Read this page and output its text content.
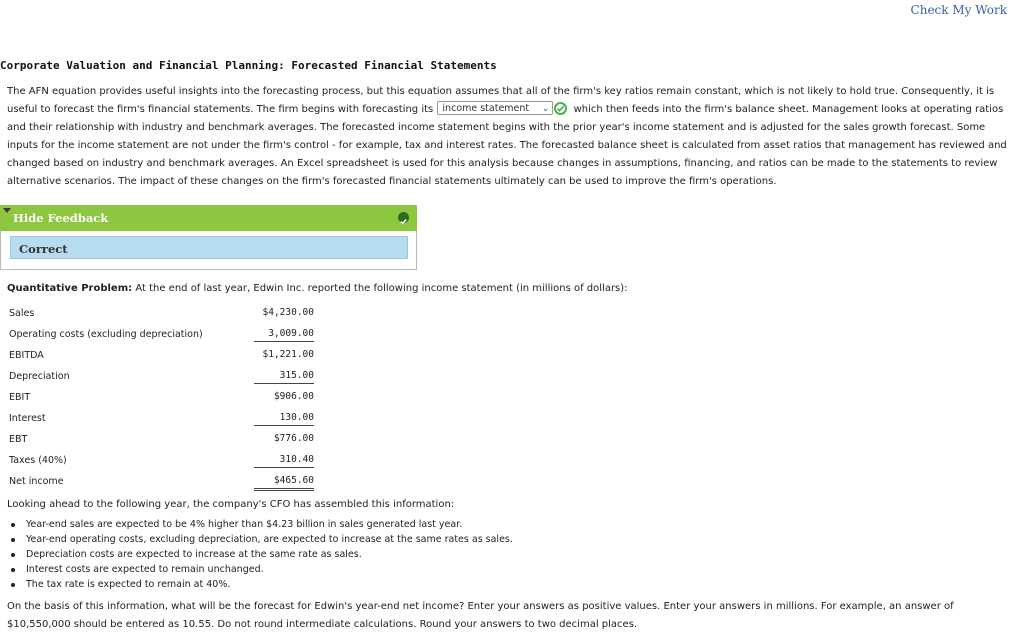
Check My Work
Corporate Valuation and Financial Planning: Forecasted Financial Statements
The AFN equation provides useful insights into the forecasting process, but this equation assumes that all of the firm's key ratios remain constant, which is not likely to hold true. Consequently, it is useful to forecast the firm's financial statements. The firm begins with forecasting its income statement ⌄ which then feeds into the firm's balance sheet. Management looks at operating ratios and their relationship with industry and benchmark averages. The forecasted income statement begins with the prior year's income statement and is adjusted for the sales growth forecast. Some inputs for the income statement are not under the firm's control - for example, tax and interest rates. The forecasted balance sheet is calculated from asset ratios that management has reviewed and changed based on industry and benchmark averages. An Excel spreadsheet is used for this analysis because changes in assumptions, financing, and ratios can be made to the statements to review alternative scenarios. The impact of these changes on the firm's forecasted financial statements ultimately can be used to improve the firm's operations.
Hide Feedback
Correct
Quantitative Problem: At the end of last year, Edwin Inc. reported the following income statement (in millions of dollars):
Sales	$4,230.00
Operating costs (excluding depreciation)	3,009.00
EBITDA	$1,221.00
Depreciation	315.00
EBIT	$906.00
Interest	130.00
EBT	$776.00
Taxes (40%)	310.40
Net income	$465.60
Looking ahead to the following year, the company's CFO has assembled this information:
Year-end sales are expected to be 4% higher than $4.23 billion in sales generated last year.
Year-end operating costs, excluding depreciation, are expected to increase at the same rates as sales.
Depreciation costs are expected to increase at the same rate as sales.
Interest costs are expected to remain unchanged.
The tax rate is expected to remain at 40%.
On the basis of this information, what will be the forecast for Edwin's year-end net income? Enter your answers as positive values. Enter your answers in millions. For example, an answer of $10,550,000 should be entered as 10.55. Do not round intermediate calculations. Round your answers to two decimal places.
